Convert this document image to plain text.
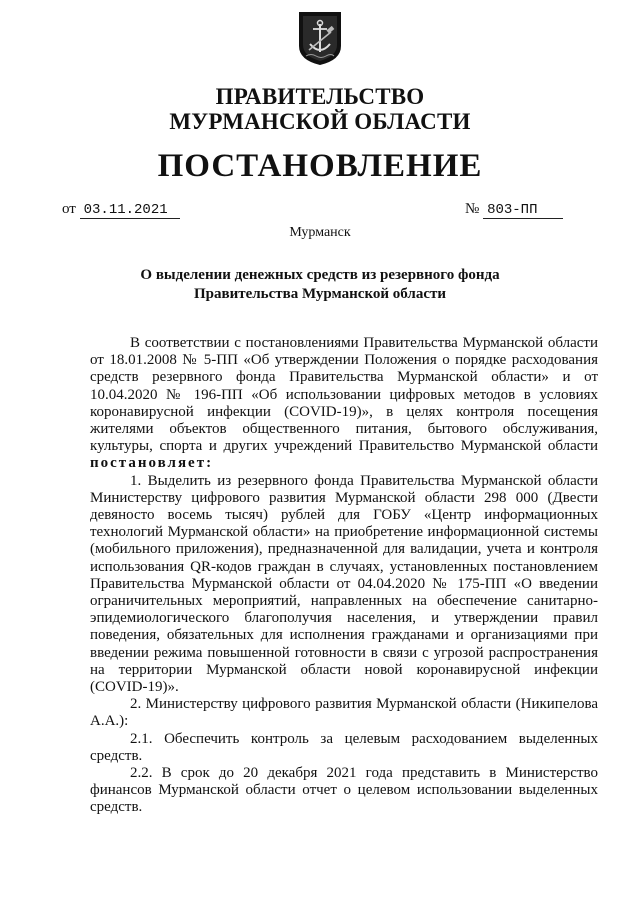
ПРАВИТЕЛЬСТВО
МУРМАНСКОЙ ОБЛАСТИ
ПОСТАНОВЛЕНИЕ
от 03.11.2021	№ 803-ПП
Мурманск
О выделении денежных средств из резервного фонда
Правительства Мурманской области

В соответствии с постановлениями Правительства Мурманской области от 18.01.2008 № 5-ПП «Об утверждении Положения о порядке расходования средств резервного фонда Правительства Мурманской области» и от 10.04.2020 № 196-ПП «Об использовании цифровых методов в условиях коронавирусной инфекции (COVID-19)», в целях контроля посещения жителями объектов общественного питания, бытового обслуживания, культуры, спорта и других учреждений Правительство Мурманской области постановляет:

1. Выделить из резервного фонда Правительства Мурманской области Министерству цифрового развития Мурманской области 298 000 (Двести девяносто восемь тысяч) рублей для ГОБУ «Центр информационных технологий Мурманской области» на приобретение информационной системы (мобильного приложения), предназначенной для валидации, учета и контроля использования QR-кодов граждан в случаях, установленных постановлением Правительства Мурманской области от 04.04.2020 № 175-ПП «О введении ограничительных мероприятий, направленных на обеспечение санитарно-эпидемиологического благополучия населения, и утверждении правил поведения, обязательных для исполнения гражданами и организациями при введении режима повышенной готовности в связи с угрозой распространения на территории Мурманской области новой коронавирусной инфекции (COVID-19)».

2. Министерству цифрового развития Мурманской области (Никипелова А.А.):

2.1. Обеспечить контроль за целевым расходованием выделенных средств.

2.2. В срок до 20 декабря 2021 года представить в Министерство финансов Мурманской области отчет о целевом использовании выделенных средств.
